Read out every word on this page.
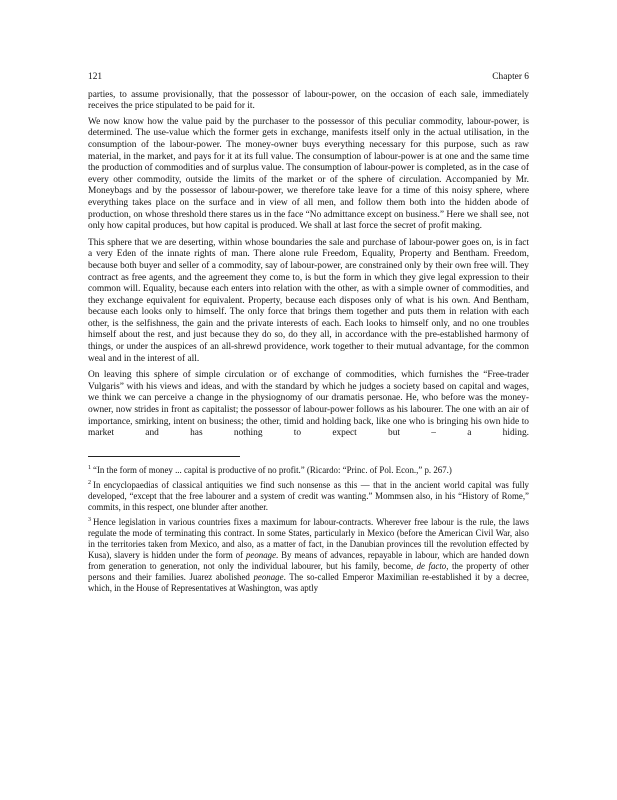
121	Chapter 6

parties, to assume provisionally, that the possessor of labour-power, on the occasion of each sale, immediately receives the price stipulated to be paid for it.

We now know how the value paid by the purchaser to the possessor of this peculiar commodity, labour-power, is determined. The use-value which the former gets in exchange, manifests itself only in the actual utilisation, in the consumption of the labour-power. The money-owner buys everything necessary for this purpose, such as raw material, in the market, and pays for it at its full value. The consumption of labour-power is at one and the same time the production of commodities and of surplus value. The consumption of labour-power is completed, as in the case of every other commodity, outside the limits of the market or of the sphere of circulation. Accompanied by Mr. Moneybags and by the possessor of labour-power, we therefore take leave for a time of this noisy sphere, where everything takes place on the surface and in view of all men, and follow them both into the hidden abode of production, on whose threshold there stares us in the face “No admittance except on business.” Here we shall see, not only how capital produces, but how capital is produced. We shall at last force the secret of profit making.

This sphere that we are deserting, within whose boundaries the sale and purchase of labour-power goes on, is in fact a very Eden of the innate rights of man. There alone rule Freedom, Equality, Property and Bentham. Freedom, because both buyer and seller of a commodity, say of labour-power, are constrained only by their own free will. They contract as free agents, and the agreement they come to, is but the form in which they give legal expression to their common will. Equality, because each enters into relation with the other, as with a simple owner of commodities, and they exchange equivalent for equivalent. Property, because each disposes only of what is his own. And Bentham, because each looks only to himself. The only force that brings them together and puts them in relation with each other, is the selfishness, the gain and the private interests of each. Each looks to himself only, and no one troubles himself about the rest, and just because they do so, do they all, in accordance with the pre-established harmony of things, or under the auspices of an all-shrewd providence, work together to their mutual advantage, for the common weal and in the interest of all.

On leaving this sphere of simple circulation or of exchange of commodities, which furnishes the “Free-trader Vulgaris” with his views and ideas, and with the standard by which he judges a society based on capital and wages, we think we can perceive a change in the physiognomy of our dramatis personae. He, who before was the money-owner, now strides in front as capitalist; the possessor of labour-power follows as his labourer. The one with an air of importance, smirking, intent on business; the other, timid and holding back, like one who is bringing his own hide to market and has nothing to expect but – a hiding.

$^1$ “In the form of money ... capital is productive of no profit.” (Ricardo: “Princ. of Pol. Econ.,” p. 267.)

$^2$ In encyclopaedias of classical antiquities we find such nonsense as this — that in the ancient world capital was fully developed, “except that the free labourer and a system of credit was wanting.” Mommsen also, in his “History of Rome,” commits, in this respect, one blunder after another.

$^3$ Hence legislation in various countries fixes a maximum for labour-contracts. Wherever free labour is the rule, the laws regulate the mode of terminating this contract. In some States, particularly in Mexico (before the American Civil War, also in the territories taken from Mexico, and also, as a matter of fact, in the Danubian provinces till the revolution effected by Kusa), slavery is hidden under the form of peonage. By means of advances, repayable in labour, which are handed down from generation to generation, not only the individual labourer, but his family, become, de facto, the property of other persons and their families. Juarez abolished peonage. The so-called Emperor Maximilian re-established it by a decree, which, in the House of Representatives at Washington, was aptly
